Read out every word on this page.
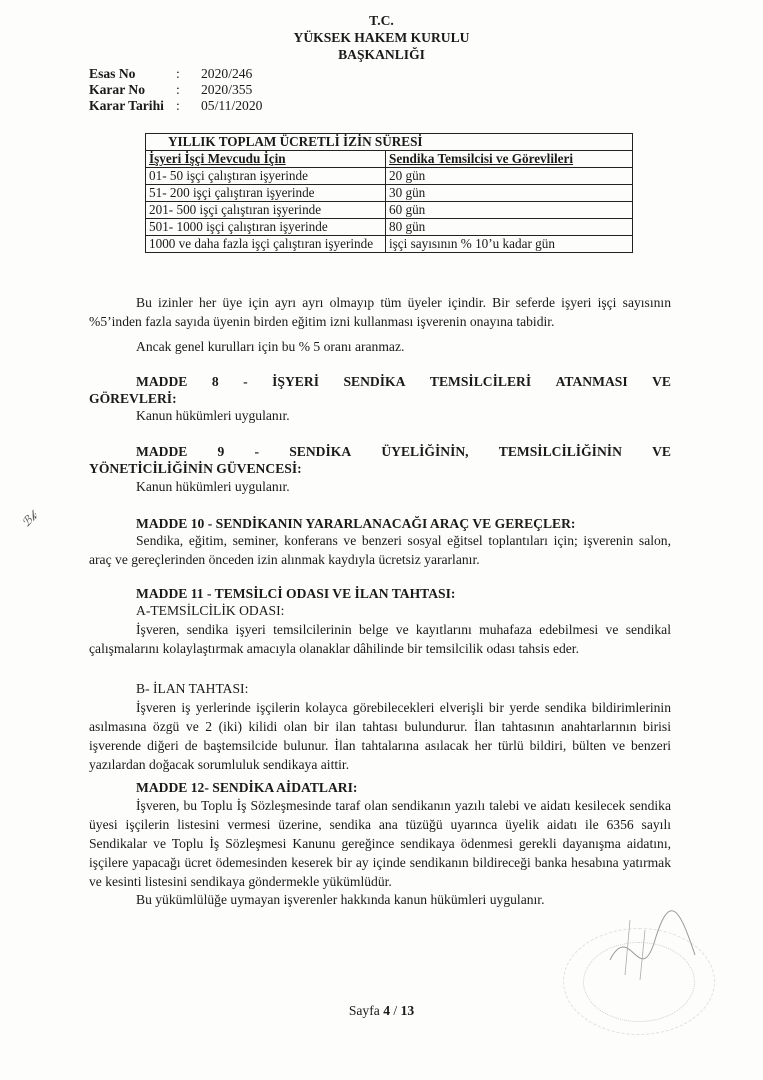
T.C.
YÜKSEK HAKEM KURULU
BAŞKANLIĞI
Esas No	: 2020/246
Karar No : 2020/355
Karar Tarihi : 05/11/2020
YILLIK TOPLAM ÜCRETLİ İZİN SÜRESİ	
İşyeri İşçi Mevcudu İçin	Sendika Temsilcisi ve Görevlileri
01- 50 işçi çalıştıran işyerinde	20 gün
51- 200 işçi çalıştıran işyerinde	30 gün
201- 500 işçi çalıştıran işyerinde	60 gün
501- 1000 işçi çalıştıran işyerinde	80 gün
1000 ve daha fazla işçi çalıştıran işyerinde	işçi sayısının % 10’u kadar gün
Bu izinler her üye için ayrı ayrı olmayıp tüm üyeler içindir. Bir seferde işyeri işçi sayısının %5’inden fazla sayıda üyenin birden eğitim izni kullanması işverenin onayına tabidir.
Ancak genel kurulları için bu % 5 oranı aranmaz.
MADDE 8 - İŞYERİ SENDİKA TEMSİLCİLERİ ATANMASI VE
GÖREVLERİ:
Kanun hükümleri uygulanır.
MADDE 9 - SENDİKA ÜYELİĞİNİN, TEMSİLCİLİĞİNİN VE
YÖNETİCİLİĞİNİN GÜVENCESİ:
Kanun hükümleri uygulanır.
ℬ𝓀	MADDE 10 - SENDİKANIN YARARLANACAĞI ARAÇ VE GEREÇLER:
Sendika, eğitim, seminer, konferans ve benzeri sosyal eğitsel toplantıları için; işverenin salon, araç ve gereçlerinden önceden izin alınmak kaydıyla ücretsiz yararlanır.
MADDE 11 - TEMSİLCİ ODASI VE İLAN TAHTASI:
A-TEMSİLCİLİK ODASI:
İşveren, sendika işyeri temsilcilerinin belge ve kayıtlarını muhafaza edebilmesi ve sendikal çalışmalarını kolaylaştırmak amacıyla olanaklar dâhilinde bir temsilcilik odası tahsis eder.
B- İLAN TAHTASI:
İşveren iş yerlerinde işçilerin kolayca görebilecekleri elverişli bir yerde sendika bildirimlerinin asılmasına özgü ve 2 (iki) kilidi olan bir ilan tahtası bulundurur. İlan tahtasının anahtarlarının birisi işverende diğeri de baştemsilcide bulunur. İlan tahtalarına asılacak her türlü bildiri, bülten ve benzeri yazılardan doğacak sorumluluk sendikaya aittir.
MADDE 12- SENDİKA AİDATLARI:
İşveren, bu Toplu İş Sözleşmesinde taraf olan sendikanın yazılı talebi ve aidatı kesilecek sendika üyesi işçilerin listesini vermesi üzerine, sendika ana tüzüğü uyarınca üyelik aidatı ile 6356 sayılı Sendikalar ve Toplu İş Sözleşmesi Kanunu gereğince sendikaya ödenmesi gerekli dayanışma aidatını, işçilere yapacağı ücret ödemesinden keserek bir ay içinde sendikanın bildireceği banka hesabına yatırmak ve kesinti listesini sendikaya göndermekle yükümlüdür.
Bu yükümlülüğe uymayan işverenler hakkında kanun hükümleri uygulanır.
Sayfa 4 / 13
